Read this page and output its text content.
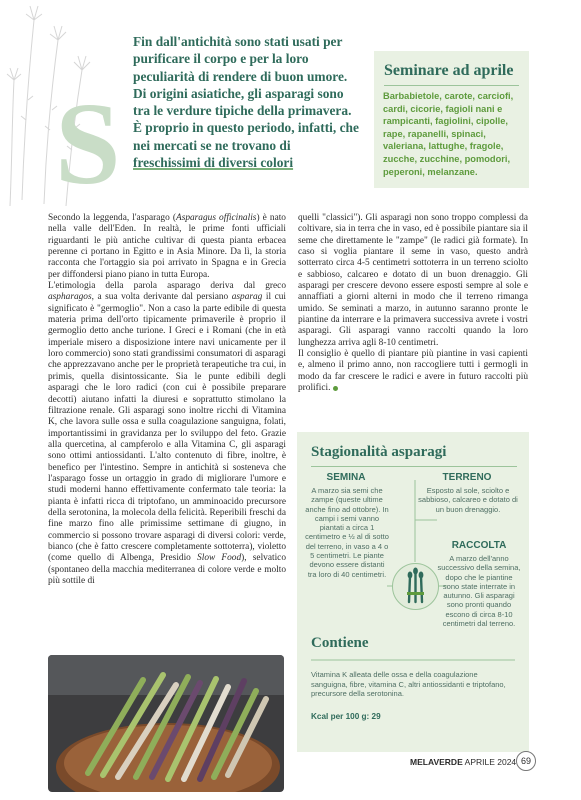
S
Fin dall'antichità sono stati usati per purificare il corpo e per la loro peculiarità di rendere di buon umore. Di origini asiatiche, gli asparagi sono tra le verdure tipiche della primavera. È proprio in questo periodo, infatti, che nei mercati se ne trovano di freschissimi di diversi colori
Seminare ad aprile

Barbabietole, carote, carciofi, cardi, cicorie, fagioli nani e rampicanti, fagiolini, cipolle, rape, rapanelli, spinaci, valeriana, lattughe, fragole, zucche, zucchine, pomodori, peperoni, melanzane.

Secondo la leggenda, l'asparago (Asparagus officinalis) è nato nella valle dell'Eden. In realtà, le prime fonti ufficiali riguardanti le più antiche cultivar di questa pianta erbacea perenne ci portano in Egitto e in Asia Minore. Da lì, la storia racconta che l'ortaggio sia poi arrivato in Spagna e in Grecia per diffondersi piano piano in tutta Europa.

L'etimologia della parola asparago deriva dal greco aspharagos, a sua volta derivante dal persiano asparag il cui significato è "germoglio". Non a caso la parte edibile di questa materia prima dell'orto tipicamente primaverile è proprio il germoglio detto anche turione. I Greci e i Romani (che in età imperiale misero a disposizione intere navi unicamente per il loro commercio) sono stati grandissimi consumatori di asparagi che apprezzavano anche per le proprietà terapeutiche tra cui, in primis, quella disintossicante. Sia le punte edibili degli asparagi che le loro radici (con cui è possibile preparare decotti) aiutano infatti la diuresi e soprattutto stimolano la filtrazione renale. Gli asparagi sono inoltre ricchi di Vitamina K, che lavora sulle ossa e sulla coagulazione sanguigna, folati, importantissimi in gravidanza per lo sviluppo del feto. Grazie alla quercetina, al campferolo e alla Vitamina C, gli asparagi sono ottimi antiossidanti. L'alto contenuto di fibre, inoltre, è benefico per l'intestino. Sempre in antichità si sosteneva che l'asparago fosse un ortaggio in grado di migliorare l'umore e studi moderni hanno effettivamente confermato tale teoria: la pianta è infatti ricca di triptofano, un amminoacido precursore della serotonina, la molecola della felicità. Reperibili freschi da fine marzo fino alle primissime settimane di giugno, in commercio si possono trovare asparagi di diversi colori: verde, bianco (che è fatto crescere completamente sottoterra), violetto (come quello di Albenga, Presidio Slow Food), selvatico (spontaneo della macchia mediterranea di colore verde e molto più sottile di

quelli "classici"). Gli asparagi non sono troppo complessi da coltivare, sia in terra che in vaso, ed è possibile piantare sia il seme che direttamente le "zampe" (le radici già formate). In caso si voglia piantare il seme in vaso, questo andrà sotterrato circa 4-5 centimetri sottoterra in un terreno sciolto e sabbioso, calcareo e dotato di un buon drenaggio. Gli asparagi per crescere devono essere esposti sempre al sole e annaffiati a giorni alterni in modo che il terreno rimanga umido. Se seminati a marzo, in autunno saranno pronte le piantine da interrare e la primavera successiva avrete i vostri asparagi. Gli asparagi vanno raccolti quando la loro lunghezza arriva agli 8-10 centimetri.

Il consiglio è quello di piantare più piantine in vasi capienti e, almeno il primo anno, non raccogliere tutti i germogli in modo da far crescere le radici e avere in futuro raccolti più prolifici.

Stagionalità asparagi
SEMINA

A marzo sia semi che zampe (queste ultime anche fino ad ottobre). In campi i semi vanno piantati a circa 1 centimetro e ½ al di sotto del terreno, in vaso a 4 o 5 centimetri. Le piante devono essere distanti tra loro di 40 centimetri.

TERRENO

Esposto al sole, sciolto e sabbioso, calcareo e dotato di un buon drenaggio.

RACCOLTA

A marzo dell'anno successivo della semina, dopo che le piantine sono state interrate in autunno. Gli asparagi sono pronti quando escono di circa 8-10 centimetri dal terreno.

Contiene

Vitamina K alleata delle ossa e della coagulazione sanguigna, fibre, vitamina C, altri antiossidanti e triptofano, precursore della serotonina.

Kcal per 100 g: 29
MELAVERDE APRILE 2024 69
